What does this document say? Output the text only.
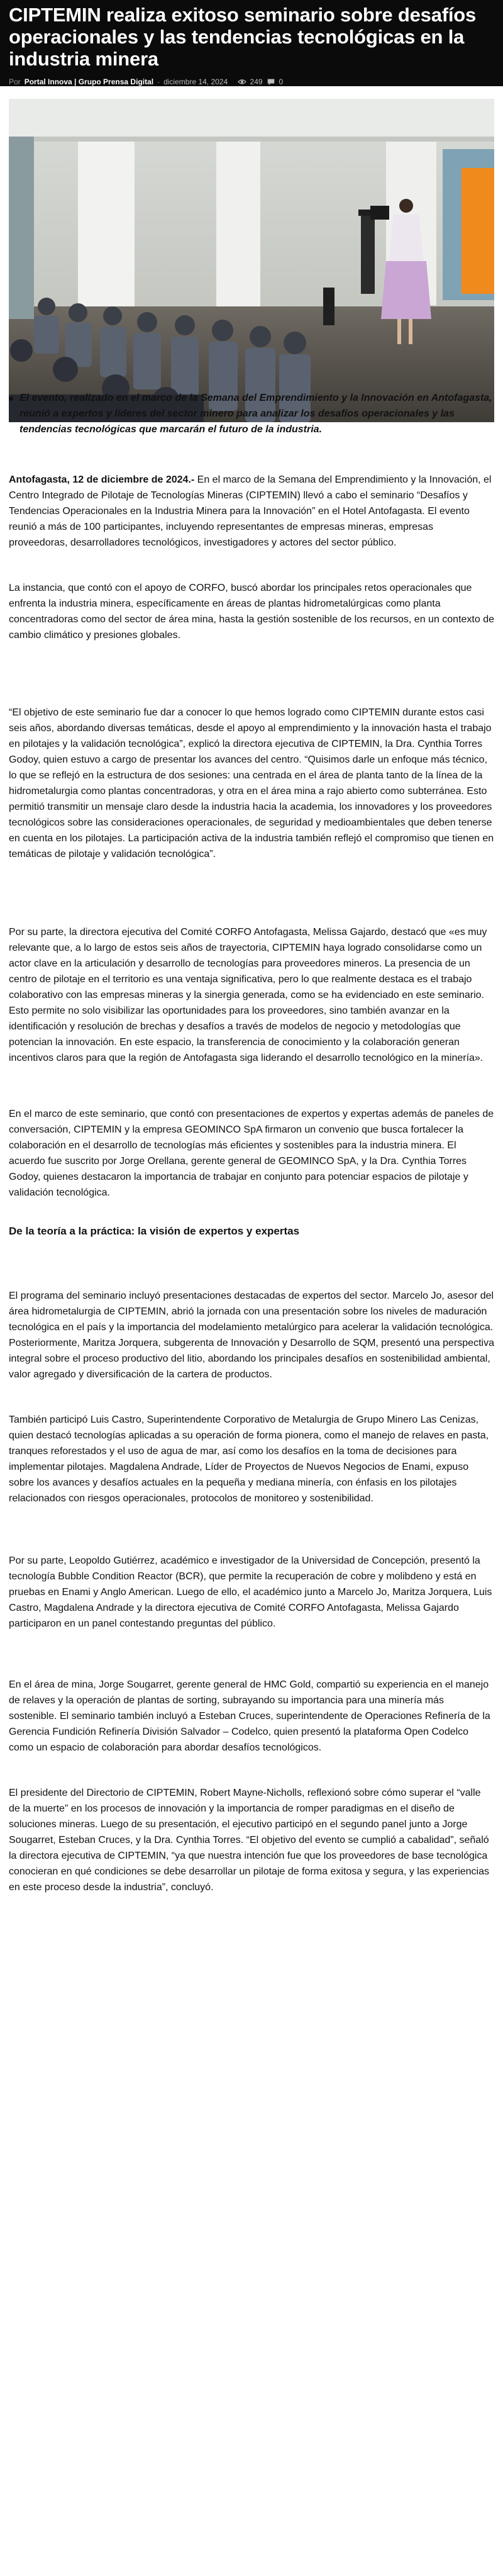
CIPTEMIN realiza exitoso seminario sobre desafíos operacionales y las tendencias tecnológicas en la industria minera
Por Portal Innova | Grupo Prensa Digital - diciembre 14, 2024
	249 0

El evento, realizado en el marco de la Semana del Emprendimiento y la Innovación en Antofagasta, reunió a expertos y líderes del sector minero para analizar los desafíos operacionales y las tendencias tecnológicas que marcarán el futuro de la industria.

Antofagasta, 12 de diciembre de 2024.- En el marco de la Semana del Emprendimiento y la Innovación, el Centro Integrado de Pilotaje de Tecnologías Mineras (CIPTEMIN) llevó a cabo el seminario “Desafíos y Tendencias Operacionales en la Industria Minera para la Innovación” en el Hotel Antofagasta. El evento reunió a más de 100 participantes, incluyendo representantes de empresas mineras, empresas proveedoras, desarrolladores tecnológicos, investigadores y actores del sector público.

La instancia, que contó con el apoyo de CORFO, buscó abordar los principales retos operacionales que enfrenta la industria minera, específicamente en áreas de plantas hidrometalúrgicas como planta concentradoras como del sector de área mina, hasta la gestión sostenible de los recursos, en un contexto de cambio climático y presiones globales.

“El objetivo de este seminario fue dar a conocer lo que hemos logrado como CIPTEMIN durante estos casi seis años, abordando diversas temáticas, desde el apoyo al emprendimiento y la innovación hasta el trabajo en pilotajes y la validación tecnológica”, explicó la directora ejecutiva de CIPTEMIN, la Dra. Cynthia Torres Godoy, quien estuvo a cargo de presentar los avances del centro. “Quisimos darle un enfoque más técnico, lo que se reflejó en la estructura de dos sesiones: una centrada en el área de planta tanto de la línea de la hidrometalurgia como plantas concentradoras, y otra en el área mina a rajo abierto como subterránea. Esto permitió transmitir un mensaje claro desde la industria hacia la academia, los innovadores y los proveedores tecnológicos sobre las consideraciones operacionales, de seguridad y medioambientales que deben tenerse en cuenta en los pilotajes. La participación activa de la industria también reflejó el compromiso que tienen en temáticas de pilotaje y validación tecnológica”.

Por su parte, la directora ejecutiva del Comité CORFO Antofagasta, Melissa Gajardo, destacó que «es muy relevante que, a lo largo de estos seis años de trayectoria, CIPTEMIN haya logrado consolidarse como un actor clave en la articulación y desarrollo de tecnologías para proveedores mineros. La presencia de un centro de pilotaje en el territorio es una ventaja significativa, pero lo que realmente destaca es el trabajo colaborativo con las empresas mineras y la sinergia generada, como se ha evidenciado en este seminario. Esto permite no solo visibilizar las oportunidades para los proveedores, sino también avanzar en la identificación y resolución de brechas y desafíos a través de modelos de negocio y metodologías que potencian la innovación. En este espacio, la transferencia de conocimiento y la colaboración generan incentivos claros para que la región de Antofagasta siga liderando el desarrollo tecnológico en la minería».

En el marco de este seminario, que contó con presentaciones de expertos y expertas además de paneles de conversación, CIPTEMIN y la empresa GEOMINCO SpA firmaron un convenio que busca fortalecer la colaboración en el desarrollo de tecnologías más eficientes y sostenibles para la industria minera. El acuerdo fue suscrito por Jorge Orellana, gerente general de GEOMINCO SpA, y la Dra. Cynthia Torres Godoy, quienes destacaron la importancia de trabajar en conjunto para potenciar espacios de pilotaje y validación tecnológica.

De la teoría a la práctica: la visión de expertos y expertas

El programa del seminario incluyó presentaciones destacadas de expertos del sector. Marcelo Jo, asesor del área hidrometalurgia de CIPTEMIN, abrió la jornada con una presentación sobre los niveles de maduración tecnológica en el país y la importancia del modelamiento metalúrgico para acelerar la validación tecnológica. Posteriormente, Maritza Jorquera, subgerenta de Innovación y Desarrollo de SQM, presentó una perspectiva integral sobre el proceso productivo del litio, abordando los principales desafíos en sostenibilidad ambiental, valor agregado y diversificación de la cartera de productos.

También participó Luis Castro, Superintendente Corporativo de Metalurgia de Grupo Minero Las Cenizas, quien destacó tecnologías aplicadas a su operación de forma pionera, como el manejo de relaves en pasta, tranques reforestados y el uso de agua de mar, así como los desafíos en la toma de decisiones para implementar pilotajes. Magdalena Andrade, Líder de Proyectos de Nuevos Negocios de Enami, expuso sobre los avances y desafíos actuales en la pequeña y mediana minería, con énfasis en los pilotajes relacionados con riesgos operacionales, protocolos de monitoreo y sostenibilidad.

Por su parte, Leopoldo Gutiérrez, académico e investigador de la Universidad de Concepción, presentó la tecnología Bubble Condition Reactor (BCR), que permite la recuperación de cobre y molibdeno y está en pruebas en Enami y Anglo American. Luego de ello, el académico junto a Marcelo Jo, Maritza Jorquera, Luis Castro, Magdalena Andrade y la directora ejecutiva de Comité CORFO Antofagasta, Melissa Gajardo participaron en un panel contestando preguntas del público.

En el área de mina, Jorge Sougarret, gerente general de HMC Gold, compartió su experiencia en el manejo de relaves y la operación de plantas de sorting, subrayando su importancia para una minería más sostenible. El seminario también incluyó a Esteban Cruces, superintendente de Operaciones Refinería de la Gerencia Fundición Refinería División Salvador – Codelco, quien presentó la plataforma Open Codelco como un espacio de colaboración para abordar desafíos tecnológicos.

El presidente del Directorio de CIPTEMIN, Robert Mayne-Nicholls, reflexionó sobre cómo superar el “valle de la muerte” en los procesos de innovación y la importancia de romper paradigmas en el diseño de soluciones mineras. Luego de su presentación, el ejecutivo participó en el segundo panel junto a Jorge Sougarret, Esteban Cruces, y la Dra. Cynthia Torres. “El objetivo del evento se cumplió a cabalidad”, señaló la directora ejecutiva de CIPTEMIN, “ya que nuestra intención fue que los proveedores de base tecnológica conocieran en qué condiciones se debe desarrollar un pilotaje de forma exitosa y segura, y las experiencias en este proceso desde la industria”, concluyó.
